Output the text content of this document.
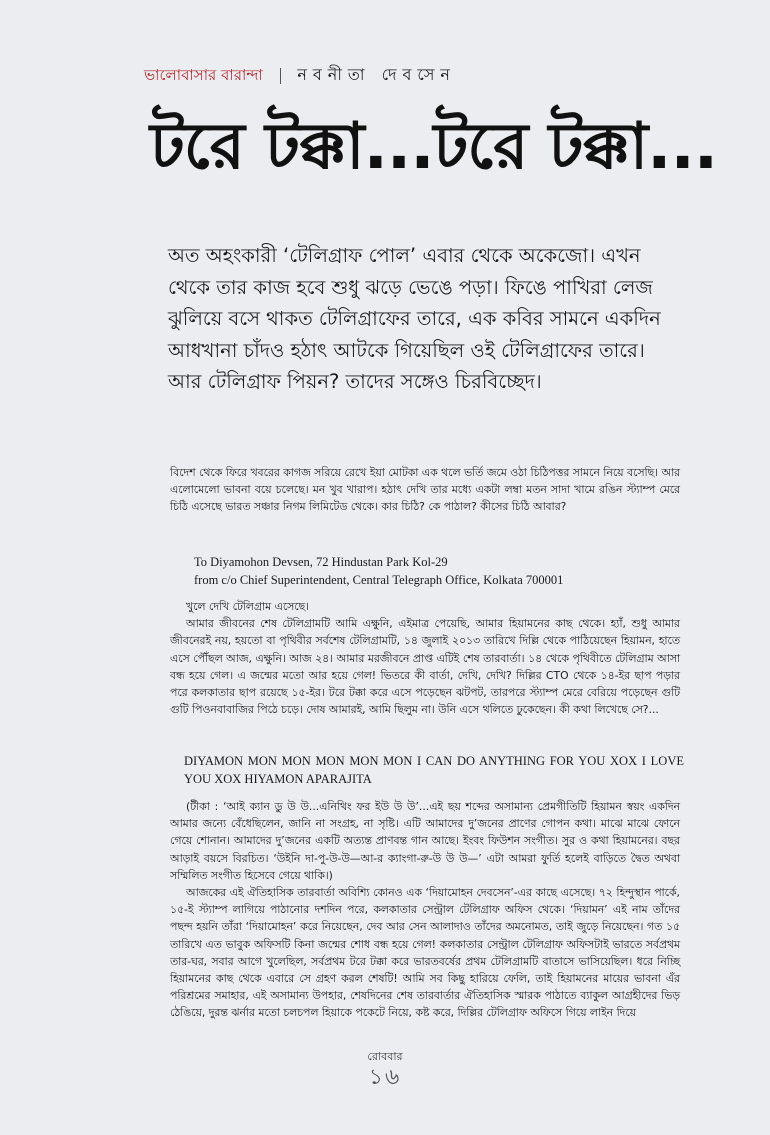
ভালোবাসার বারান্দা নবনীতা দেবসেন
টরে টক্কা...টরে টক্কা...

অত অহংকারী ‘টেলিগ্রাফ পোল’ এবার থেকে অকেজো। এখন

থেকে তার কাজ হবে শুধু ঝড়ে ভেঙে পড়া। ফিঙে পাখিরা লেজ

ঝুলিয়ে বসে থাকত টেলিগ্রাফের তারে, এক কবির সামনে একদিন

আধখানা চাঁদও হঠাৎ আটকে গিয়েছিল ওই টেলিগ্রাফের তারে।

আর টেলিগ্রাফ পিয়ন? তাদের সঙ্গেও চিরবিচ্ছেদ।

বিদেশ থেকে ফিরে খবরের কাগজ সরিয়ে রেখে ইয়া মোটকা এক থলে ভর্তি জমে ওঠা চিঠিপত্তর সামনে নিয়ে বসেছি। আর এলোমেলো ভাবনা বয়ে চলেছে। মন খুব খারাপ। হঠাৎ দেখি তার মধ্যে একটা লম্বা মতন সাদা খামে রঙিন স্ট্যাম্প মেরে চিঠি এসেছে ভারত সঞ্চার নিগম লিমিটেড থেকে। কার চিঠি? কে পাঠাল? কীসের চিঠি আবার?

To Diyamohon Devsen, 72 Hindustan Park Kol-29
from c/o Chief Superintendent, Central Telegraph Office, Kolkata 700001

খুলে দেখি টেলিগ্রাম এসেছে।

আমার জীবনের শেষ টেলিগ্রামটি আমি এক্ষুনি, এইমাত্র পেয়েছি, আমার হিয়ামনের কাছ থেকে। হ্যাঁ, শুধু আমার জীবনেরই নয়, হয়তো বা পৃথিবীর সর্বশেষ টেলিগ্রামটি, ১৪ জুলাই ২০১৩ তারিখে দিল্লি থেকে পাঠিয়েছেন হিয়ামন, হাতে এসে পৌঁছল আজ, এক্ষুনি। আজ ২৪। আমার মরজীবনে প্রাপ্ত এটিই শেষ তারবার্তা। ১৪ থেকে পৃথিবীতে টেলিগ্রাম আসা বন্ধ হয়ে গেল। এ জন্মের মতো আর হয়ে গেল! ভিতরে কী বার্তা, দেখি, দেখি? দিল্লির CTO থেকে ১৪-ইর ছাপ পড়ার পরে কলকাতার ছাপ রয়েছে ১৫-ইর। টরে টক্কা করে এসে পড়েছেন ঝটপট, তারপরে স্ট্যাম্প মেরে বেরিয়ে পড়েছেন গুটি গুটি পিওনবাবাজির পিঠে চড়ে। দোষ আমারই, আমি ছিলুম না। উনি এসে থলিতে ঢুকেছেন। কী কথা লিখেছে সে?...

DIYAMON MON MON MON MON MON I CAN DO ANYTHING FOR YOU XOX I LOVE YOU XOX HIYAMON APARAJITA

(টীকা : ‘আই ক্যান ডু উ উ...এনিথিং ফর ইউ উ উ’...এই ছয় শব্দের অসামান্য প্রেমগীতিটি হিয়ামন স্বয়ং একদিন আমার জন্যে বেঁধেছিলেন, জানি না সংগ্রহ, না সৃষ্টি। এটি আমাদের দু’জনের প্রাণের গোপন কথা। মাঝে মাঝে ফোনে গেয়ে শোনান। আমাদের দু’জনের একটি অত্যন্ত প্রাণবন্ত গান আছে। ইংবং ফিউশন সংগীত। সুর ও কথা হিয়ামনের। বছর আড়াই বয়সে বিরচিত। ‘উইনি দা-পু-উ-উ—আ-র ক্যাংগা-রু-উ উ উ—’ এটা আমরা ফুর্তি হলেই বাড়িতে দ্বৈত অথবা সম্মিলিত সংগীত হিসেবে গেয়ে থাকি।)

আজকের এই ঐতিহাসিক তারবার্তা অবিশ্যি কোনও এক ‘দিয়ামোহন দেবসেন’-এর কাছে এসেছে। ৭২ হিন্দুস্থান পার্কে, ১৫-ই স্ট্যাম্প লাগিয়ে পাঠানোর দশদিন পরে, কলকাতার সেন্ট্রাল টেলিগ্রাফ অফিস থেকে। ‘দিয়ামন’ এই নাম তাঁদের পছন্দ হয়নি তাঁরা ‘দিয়ামোহন’ করে নিয়েছেন, দেব আর সেন আলাদাও তাঁদের অমনোমত, তাই জুড়ে নিয়েছেন। গত ১৫ তারিখে এত ভাবুক অফিসটি কিনা জন্মের শোধ বন্ধ হয়ে গেল! কলকাতার সেন্ট্রাল টেলিগ্রাফ অফিসটাই ভারতে সর্বপ্রথম তার-ঘর, সবার আগে খুলেছিল, সর্বপ্রথম টরে টক্কা করে ভারতবর্ষের প্রথম টেলিগ্রামটি বাতাসে ভাসিয়েছিল। ধরে নিচ্ছি হিয়ামনের কাছ থেকে এবারে সে গ্রহণ করল শেষটি! আমি সব কিছু হারিয়ে ফেলি, তাই হিয়ামনের মায়ের ভাবনা এঁর পরিশ্রমের সমাহার, এই অসামান্য উপহার, শেষদিনের শেষ তারবার্তার ঐতিহাসিক স্মারক পাঠাতে ব্যাকুল আগ্রহীদের ভিড় ঠেঙিয়ে, দুরন্ত ঝর্নার মতো চলচপল হিয়াকে পকেটে নিয়ে, কষ্ট করে, দিল্লির টেলিগ্রাফ অফিসে গিয়ে লাইন দিয়ে

রোববার
১৬
